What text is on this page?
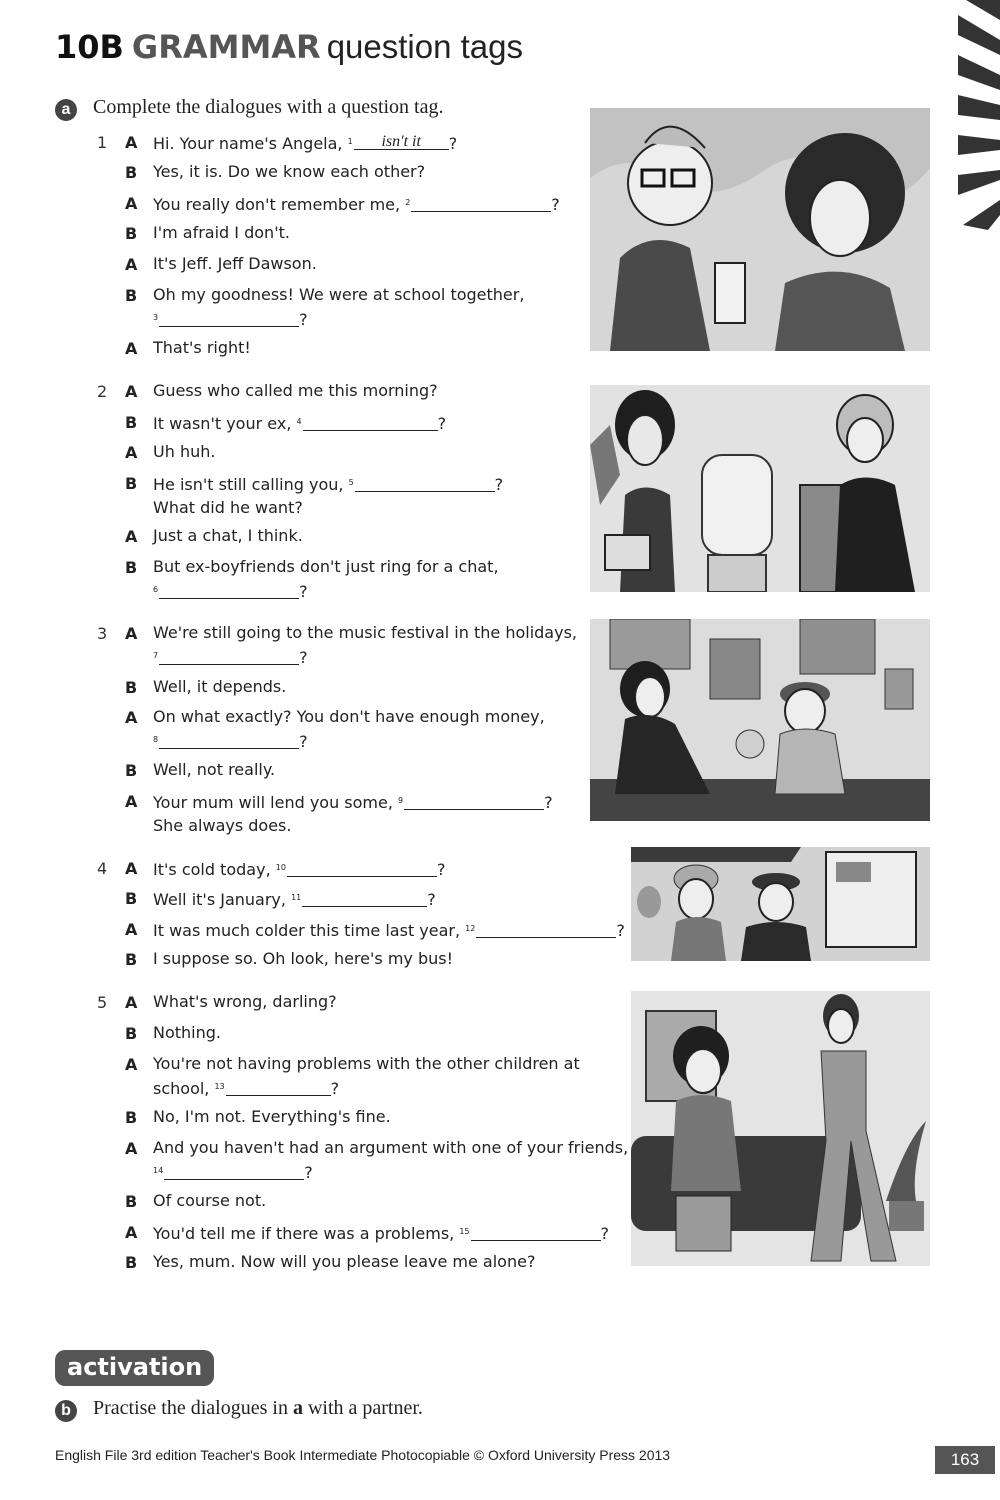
10B GRAMMAR question tags
a	Complete the dialogues with a question tag.
1 A Hi. Your name's Angela, $^1$ isn't it ?
B Yes, it is. Do we know each other?
A You really don't remember me, $^2$	?
B I'm afraid I don't.
A It's Jeff. Jeff Dawson.
B Oh my goodness! We were at school together,
$^3$	?
A That's right!
2 A Guess who called me this morning?
B It wasn't your ex, $^4$	?
A Uh huh.
B He isn't still calling you, $^5$	?
What did he want?
A Just a chat, I think.
B But ex-boyfriends don't just ring for a chat,
$^6$	?
3 A We're still going to the music festival in the holidays,
$^7$	?
B Well, it depends.
A On what exactly? You don't have enough money,
$^8$	?
B Well, not really.
A Your mum will lend you some, $^9$	?
She always does.
4 A It's cold today, $^{10}$	?
B Well it's January, $^{11}$	?
A It was much colder this time last year, $^{12}$	?
B I suppose so. Oh look, here's my bus!
5 A What's wrong, darling?
B Nothing.
A You're not having problems with the other children at
school, $^{13}$	?
B No, I'm not. Everything's fine.
A And you haven't had an argument with one of your friends,
$^{14}$	?
B Of course not.
A You'd tell me if there was a problems, $^{15}$	?
B Yes, mum. Now will you please leave me alone?
activation
b	Practise the dialogues in a with a partner.
English File 3rd edition Teacher's Book Intermediate Photocopiable © Oxford University Press 2013	163
